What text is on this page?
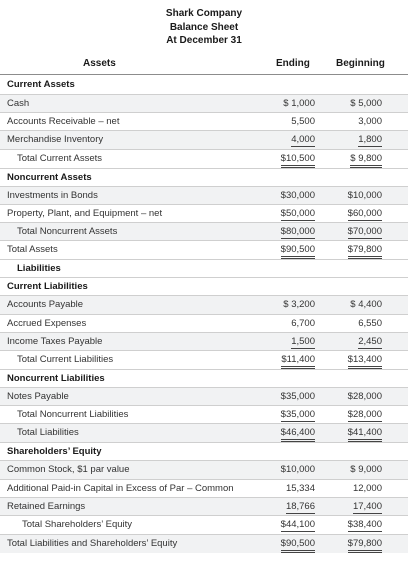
Shark Company
Balance Sheet
At December 31
Assets	Ending	Beginning
Current Assets
Cash	$ 1,000	$ 5,000
Accounts Receivable – net	5,500	3,000
Merchandise Inventory	4,000	1,800
Total Current Assets	$10,500	$ 9,800
Noncurrent Assets
Investments in Bonds	$30,000	$10,000
Property, Plant, and Equipment – net	$50,000	$60,000
Total Noncurrent Assets	$80,000	$70,000
Total Assets	$90,500	$79,800
Liabilities
Current Liabilities
Accounts Payable	$ 3,200	$ 4,400
Accrued Expenses	6,700	6,550
Income Taxes Payable	1,500	2,450
Total Current Liabilities	$11,400	$13,400
Noncurrent Liabilities
Notes Payable	$35,000	$28,000
Total Noncurrent Liabilities	$35,000	$28,000
Total Liabilities	$46,400	$41,400
Shareholders’ Equity
Common Stock, $1 par value	$10,000	$ 9,000
Additional Paid-in Capital in Excess of Par – Common	15,334	12,000
Retained Earnings	18,766	17,400
Total Shareholders’ Equity	$44,100	$38,400
Total Liabilities and Shareholders’ Equity	$90,500	$79,800
